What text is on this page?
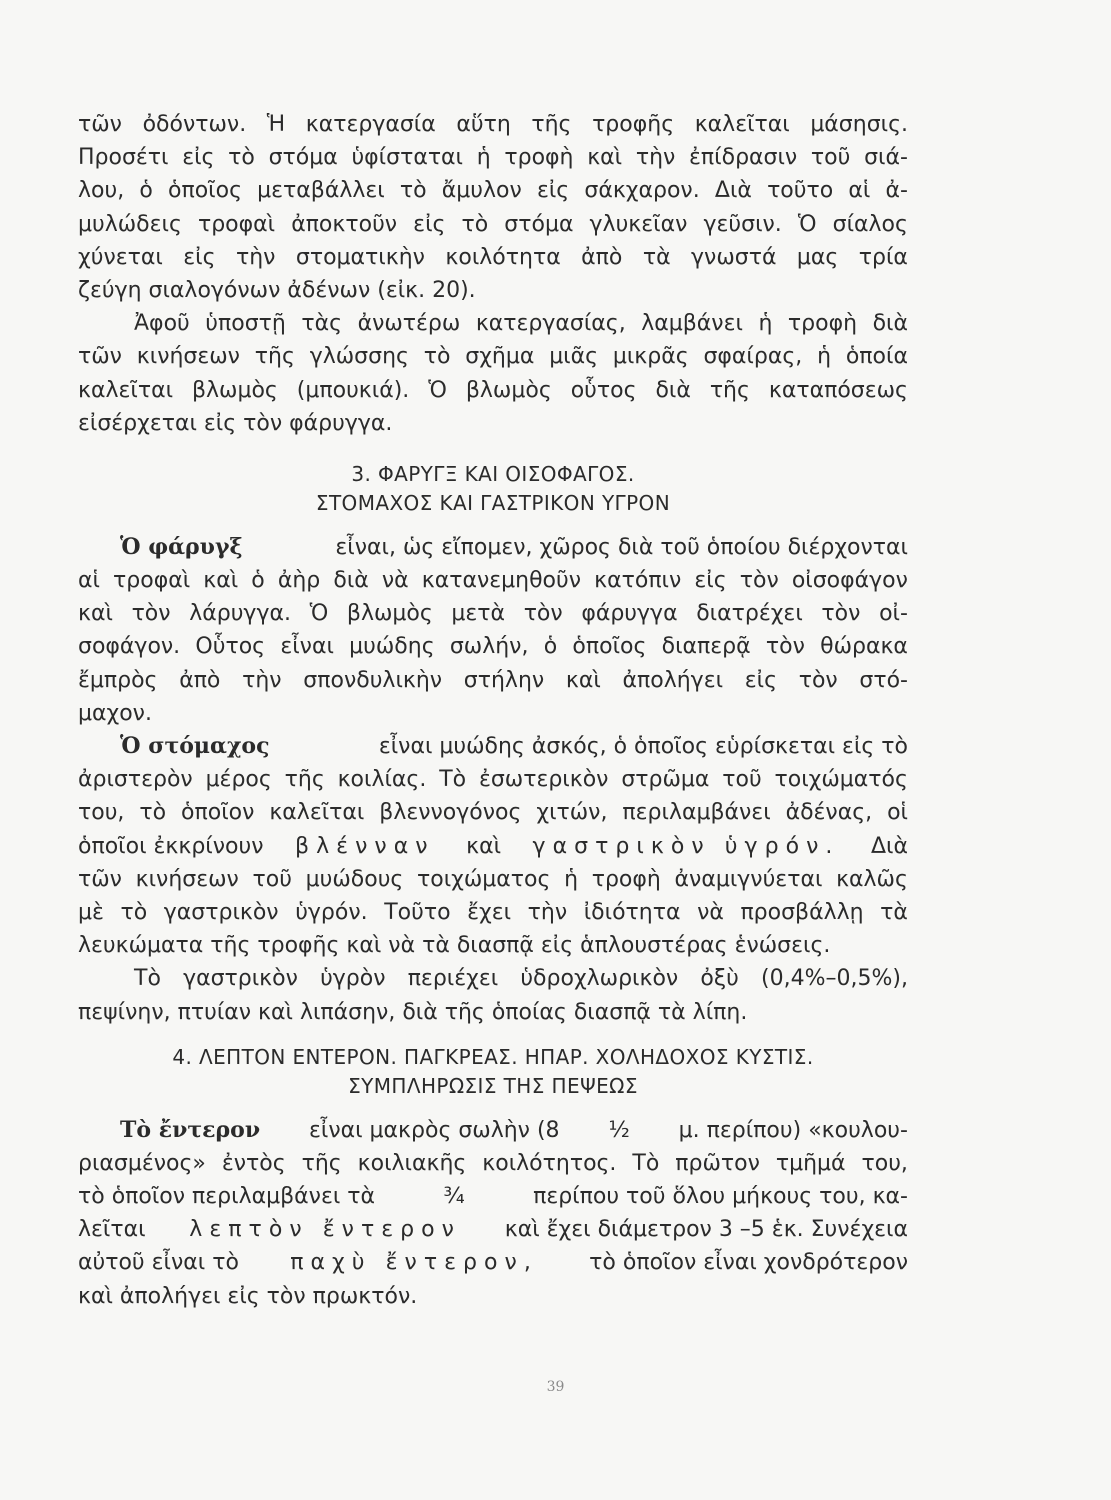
τῶν ὀδόντων. Ἡ κατεργασία αὕτη τῆς τροφῆς καλεῖται μάσησις.
Προσέτι εἰς τὸ στόμα ὑφίσταται ἡ τροφὴ καὶ τὴν ἐπίδρασιν τοῦ σιά-
λου, ὁ ὁποῖος μεταβάλλει τὸ ἄμυλον εἰς σάκχαρον. Διὰ τοῦτο αἱ ἀ-
μυλώδεις τροφαὶ ἀποκτοῦν εἰς τὸ στόμα γλυκεῖαν γεῦσιν. Ὁ σίαλος
χύνεται εἰς τὴν στοματικὴν κοιλότητα ἀπὸ τὰ γνωστά μας τρία
ζεύγη σιαλογόνων ἀδένων (εἰκ. 20).
Ἀφοῦ ὑποστῇ τὰς ἀνωτέρω κατεργασίας, λαμβάνει ἡ τροφὴ διὰ
τῶν κινήσεων τῆς γλώσσης τὸ σχῆμα μιᾶς μικρᾶς σφαίρας, ἡ ὁποία
καλεῖται βλωμὸς (μπουκιά). Ὁ βλωμὸς οὗτος διὰ τῆς καταπόσεως
εἰσέρχεται εἰς τὸν φάρυγγα.
3. ΦΑΡΥΓΞ ΚΑΙ ΟΙΣΟΦΑΓΟΣ.
ΣΤΟΜΑΧΟΣ ΚΑΙ ΓΑΣΤΡΙΚΟΝ ΥΓΡΟΝ
Ὁ φάρυγξ	εἶναι, ὡς εἴπομεν, χῶρος διὰ τοῦ ὁποίου διέρχονται
αἱ τροφαὶ καὶ ὁ ἀὴρ διὰ νὰ κατανεμηθοῦν κατόπιν εἰς τὸν οἰσοφάγον
καὶ τὸν λάρυγγα. Ὁ βλωμὸς μετὰ τὸν φάρυγγα διατρέχει τὸν οἰ-
σοφάγον. Οὗτος εἶναι μυώδης σωλήν, ὁ ὁποῖος διαπερᾷ τὸν θώρακα
ἔμπρὸς ἀπὸ τὴν σπονδυλικὴν στήλην καὶ ἀπολήγει εἰς τὸν στό-
μαχον.
Ὁ στόμαχος	εἶναι μυώδης ἀσκός, ὁ ὁποῖος εὑρίσκεται εἰς τὸ
ἀριστερὸν μέρος τῆς κοιλίας. Τὸ ἐσωτερικὸν στρῶμα τοῦ τοιχώματός
του, τὸ ὁποῖον καλεῖται βλεννογόνος χιτών, περιλαμβάνει ἀδένας, οἱ
ὁποῖοι ἐκκρίνουν βλένναν καὶ γαστρικὸν ὑγρόν. Διὰ
τῶν κινήσεων τοῦ μυώδους τοιχώματος ἡ τροφὴ ἀναμιγνύεται καλῶς
μὲ τὸ γαστρικὸν ὑγρόν. Τοῦτο ἔχει τὴν ἰδιότητα νὰ προσβάλλῃ τὰ
λευκώματα τῆς τροφῆς καὶ νὰ τὰ διασπᾷ εἰς ἁπλουστέρας ἑνώσεις.
Τὸ γαστρικὸν ὑγρὸν περιέχει ὑδροχλωρικὸν ὀξὺ (0,4%–0,5%),
πεψίνην, πτυίαν καὶ λιπάσην, διὰ τῆς ὁποίας διασπᾷ τὰ λίπη.
4. ΛΕΠΤΟΝ ΕΝΤΕΡΟΝ. ΠΑΓΚΡΕΑΣ. ΗΠΑΡ. ΧΟΛΗΔΟΧΟΣ ΚΥΣΤΙΣ.
ΣΥΜΠΛΗΡΩΣΙΣ ΤΗΣ ΠΕΨΕΩΣ
Τὸ ἔντερον εἶναι μακρὸς σωλὴν (8 ½ μ. περίπου) «κουλου-
ριασμένος» ἐντὸς τῆς κοιλιακῆς κοιλότητος. Τὸ πρῶτον τμῆμά του,
τὸ ὁποῖον περιλαμβάνει τὰ	¾	περίπου τοῦ ὅλου μήκους του, κα-
λεῖται λεπτὸν ἔντερον καὶ ἔχει διάμετρον 3 –5 ἑκ. Συνέχεια
αὐτοῦ εἶναι τὸ παχὺ ἔντερον, τὸ ὁποῖον εἶναι χονδρότερον
καὶ ἀπολήγει εἰς τὸν πρωκτόν.
39
